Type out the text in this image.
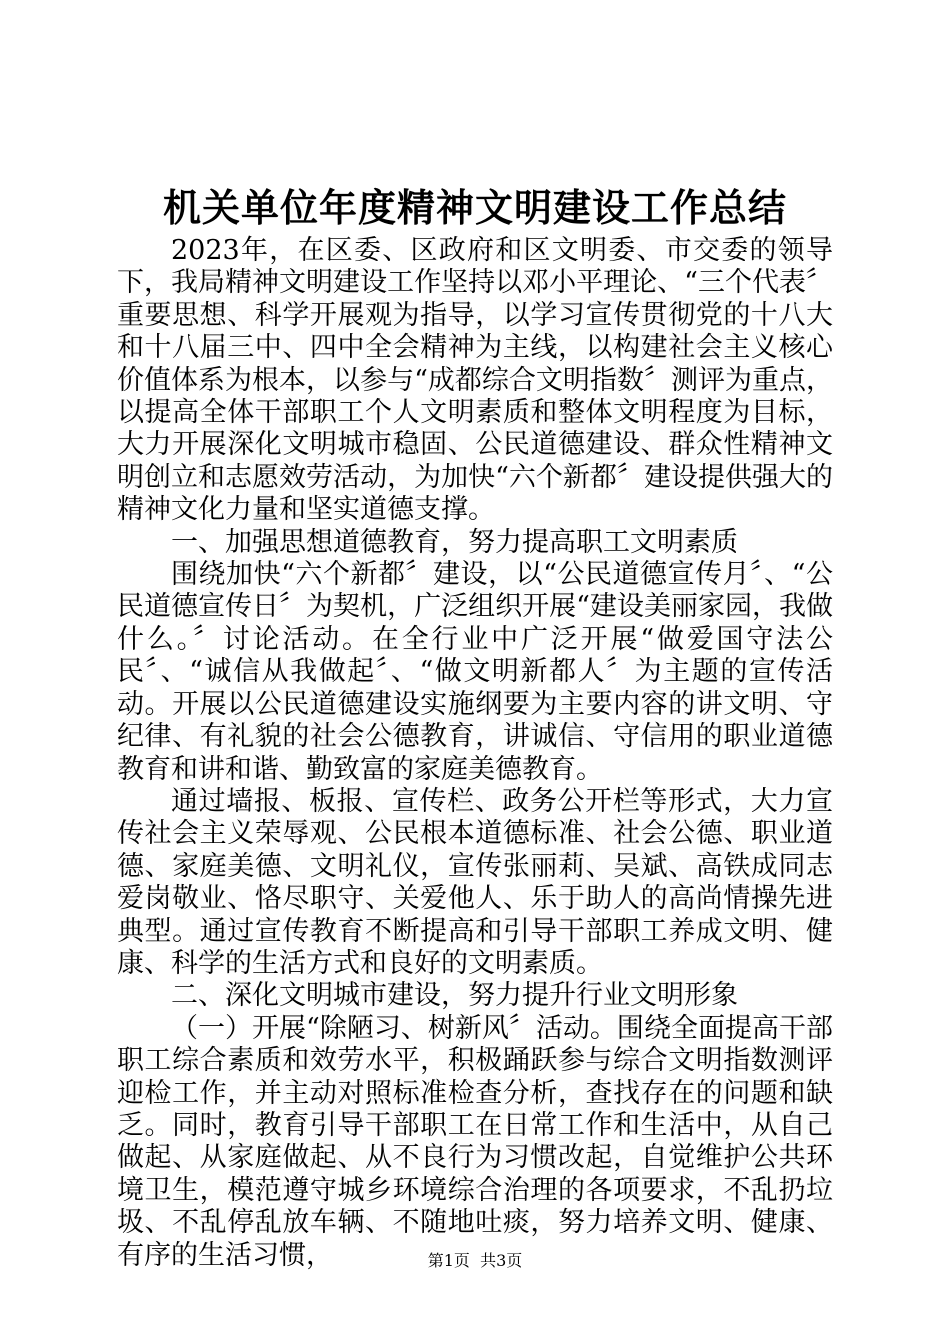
机关单位年度精神文明建设工作总结

2023年，在区委、区政府和区文明委、市交委的领导下，我局精神文明建设工作坚持以邓小平理论、“三个代表〞重要思想、科学开展观为指导，以学习宣传贯彻党的十八大和十八届三中、四中全会精神为主线，以构建社会主义核心价值体系为根本，以参与“成都综合文明指数〞测评为重点，以提高全体干部职工个人文明素质和整体文明程度为目标，大力开展深化文明城市稳固、公民道德建设、群众性精神文明创立和志愿效劳活动，为加快“六个新都〞建设提供强大的精神文化力量和坚实道德支撑。

一、加强思想道德教育，努力提高职工文明素质

围绕加快“六个新都〞建设，以“公民道德宣传月〞、“公民道德宣传日〞为契机，广泛组织开展“建设美丽家园，我做什么。〞讨论活动。在全行业中广泛开展“做爱国守法公民〞、“诚信从我做起〞、“做文明新都人〞为主题的宣传活动。开展以公民道德建设实施纲要为主要内容的讲文明、守纪律、有礼貌的社会公德教育，讲诚信、守信用的职业道德教育和讲和谐、勤致富的家庭美德教育。

通过墙报、板报、宣传栏、政务公开栏等形式，大力宣传社会主义荣辱观、公民根本道德标准、社会公德、职业道德、家庭美德、文明礼仪，宣传张丽莉、吴斌、高铁成同志爱岗敬业、恪尽职守、关爱他人、乐于助人的高尚情操先进典型。通过宣传教育不断提高和引导干部职工养成文明、健康、科学的生活方式和良好的文明素质。

二、深化文明城市建设，努力提升行业文明形象

（一）开展“除陋习、树新风〞活动。围绕全面提高干部职工综合素质和效劳水平，积极踊跃参与综合文明指数测评迎检工作，并主动对照标准检查分析，查找存在的问题和缺乏。同时，教育引导干部职工在日常工作和生活中，从自己做起、从家庭做起、从不良行为习惯改起，自觉维护公共环境卫生，模范遵守城乡环境综合治理的各项要求，不乱扔垃圾、不乱停乱放车辆、不随地吐痰，努力培养文明、健康、有序的生活习惯，	第1页 共3页
